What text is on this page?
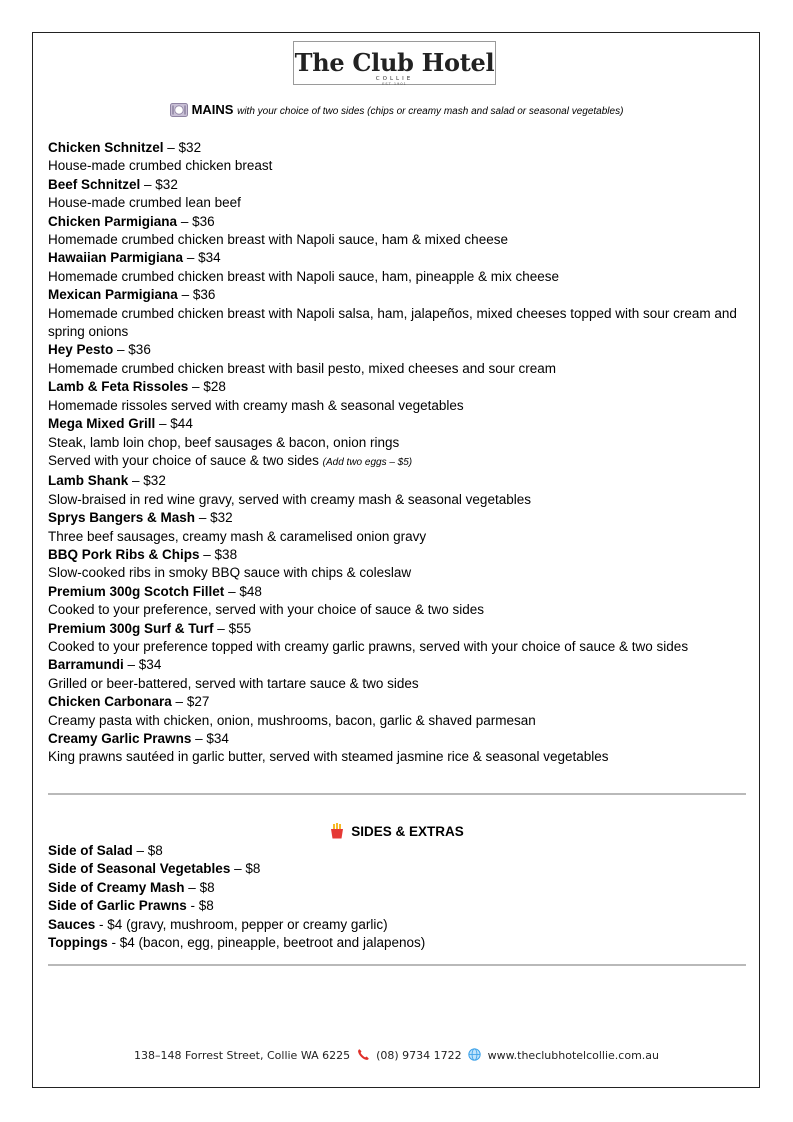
The Club Hotel
COLLIE
EST 1901
MAINS with your choice of two sides (chips or creamy mash and salad or seasonal vegetables)
Chicken Schnitzel – $32
House-made crumbed chicken breast
Beef Schnitzel – $32
House-made crumbed lean beef
Chicken Parmigiana – $36
Homemade crumbed chicken breast with Napoli sauce, ham & mixed cheese
Hawaiian Parmigiana – $34
Homemade crumbed chicken breast with Napoli sauce, ham, pineapple & mix cheese
Mexican Parmigiana – $36
Homemade crumbed chicken breast with Napoli salsa, ham, jalapeños, mixed cheeses topped with sour cream and spring onions
Hey Pesto – $36
Homemade crumbed chicken breast with basil pesto, mixed cheeses and sour cream
Lamb & Feta Rissoles – $28
Homemade rissoles served with creamy mash & seasonal vegetables
Mega Mixed Grill – $44
Steak, lamb loin chop, beef sausages & bacon, onion rings
Served with your choice of sauce & two sides (Add two eggs – $5)
Lamb Shank – $32
Slow-braised in red wine gravy, served with creamy mash & seasonal vegetables
Sprys Bangers & Mash – $32
Three beef sausages, creamy mash & caramelised onion gravy
BBQ Pork Ribs & Chips – $38
Slow-cooked ribs in smoky BBQ sauce with chips & coleslaw
Premium 300g Scotch Fillet – $48
Cooked to your preference, served with your choice of sauce & two sides
Premium 300g Surf & Turf – $55
Cooked to your preference topped with creamy garlic prawns, served with your choice of sauce & two sides
Barramundi – $34
Grilled or beer-battered, served with tartare sauce & two sides
Chicken Carbonara – $27
Creamy pasta with chicken, onion, mushrooms, bacon, garlic & shaved parmesan
Creamy Garlic Prawns – $34
King prawns sautéed in garlic butter, served with steamed jasmine rice & seasonal vegetables
SIDES & EXTRAS
Side of Salad – $8
Side of Seasonal Vegetables – $8
Side of Creamy Mash – $8
Side of Garlic Prawns - $8
Sauces - $4 (gravy, mushroom, pepper or creamy garlic)
Toppings - $4 (bacon, egg, pineapple, beetroot and jalapenos)
138–148 Forrest Street, Collie WA 6225 (08) 9734 1722 www.theclubhotelcollie.com.au
